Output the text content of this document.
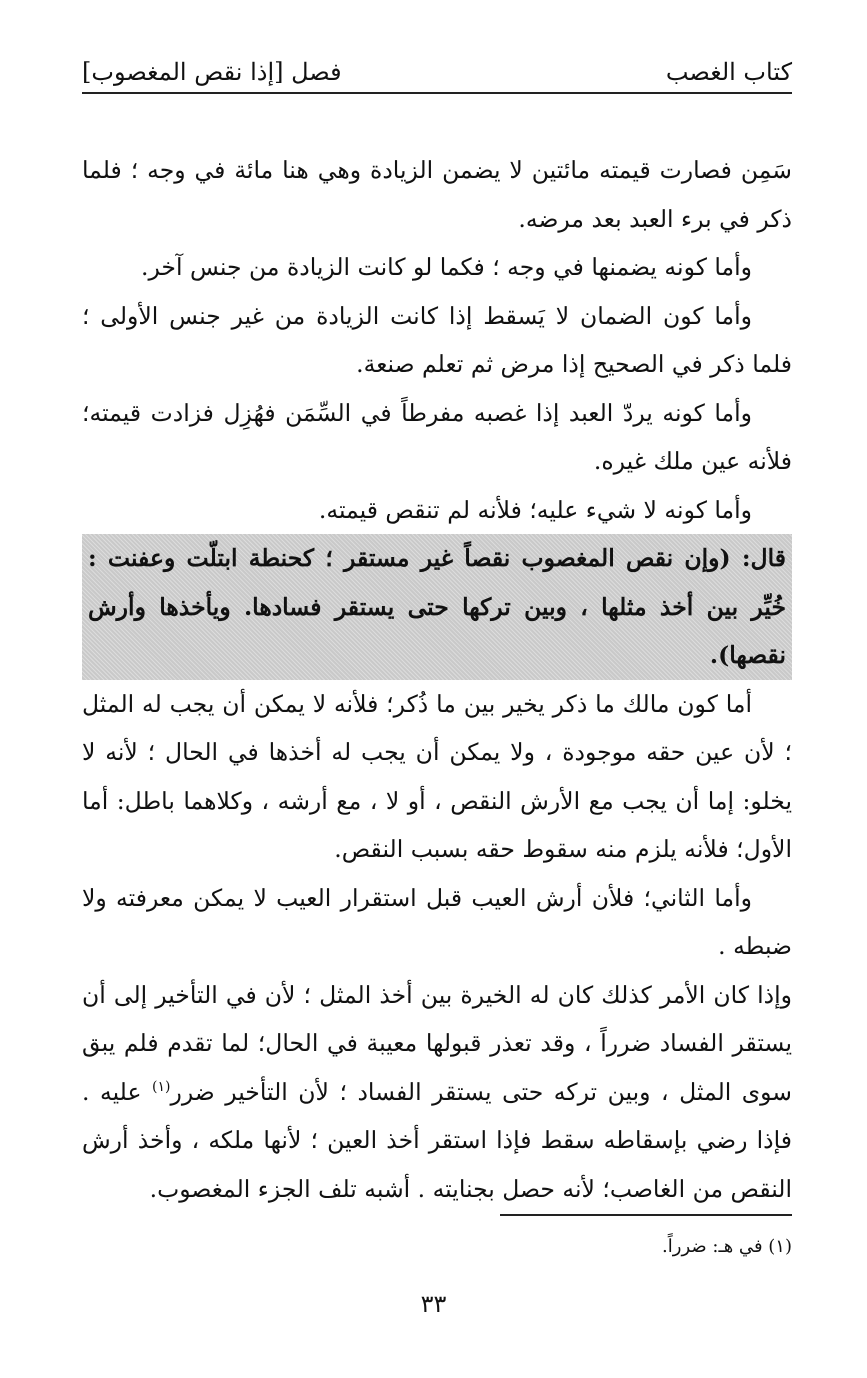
كتاب الغصب
فصل [إذا نقص المغصوب]

سَمِن فصارت قيمته مائتين لا يضمن الزيادة وهي هنا مائة في وجه ؛ فلما ذكر في برء العبد بعد مرضه.

وأما كونه يضمنها في وجه ؛ فكما لو كانت الزيادة من جنس آخر.

وأما كون الضمان لا يَسقط إذا كانت الزيادة من غير جنس الأولى ؛ فلما ذكر في الصحيح إذا مرض ثم تعلم صنعة.

وأما كونه يردّ العبد إذا غصبه مفرطاً في السِّمَن فهُزِل فزادت قيمته؛ فلأنه عين ملك غيره.

وأما كونه لا شيء عليه؛ فلأنه لم تنقص قيمته.

قال: (وإن نقص المغصوب نقصاً غير مستقر ؛ كحنطة ابتلّت وعفنت : خُيِّر بين أخذ مثلها ، وبين تركها حتى يستقر فسادها. ويأخذها وأرش نقصها).

أما كون مالك ما ذكر يخير بين ما ذُكر؛ فلأنه لا يمكن أن يجب له المثل ؛ لأن عين حقه موجودة ، ولا يمكن أن يجب له أخذها في الحال ؛ لأنه لا يخلو: إما أن يجب مع الأرش النقص ، أو لا ، مع أرشه ، وكلاهما باطل: أما الأول؛ فلأنه يلزم منه سقوط حقه بسبب النقص.

وأما الثاني؛ فلأن أرش العيب قبل استقرار العيب لا يمكن معرفته ولا ضبطه .

وإذا كان الأمر كذلك كان له الخيرة بين أخذ المثل ؛ لأن في التأخير إلى أن يستقر الفساد ضرراً ، وقد تعذر قبولها معيبة في الحال؛ لما تقدم فلم يبق سوى المثل ، وبين تركه حتى يستقر الفساد ؛ لأن التأخير ضرر$^{(١)}$ عليه . فإذا رضي بإسقاطه سقط فإذا استقر أخذ العين ؛ لأنها ملكه ، وأخذ أرش النقص من الغاصب؛ لأنه حصل بجنايته . أشبه تلف الجزء المغصوب.

(١) في هـ: ضرراً.
٣٣
